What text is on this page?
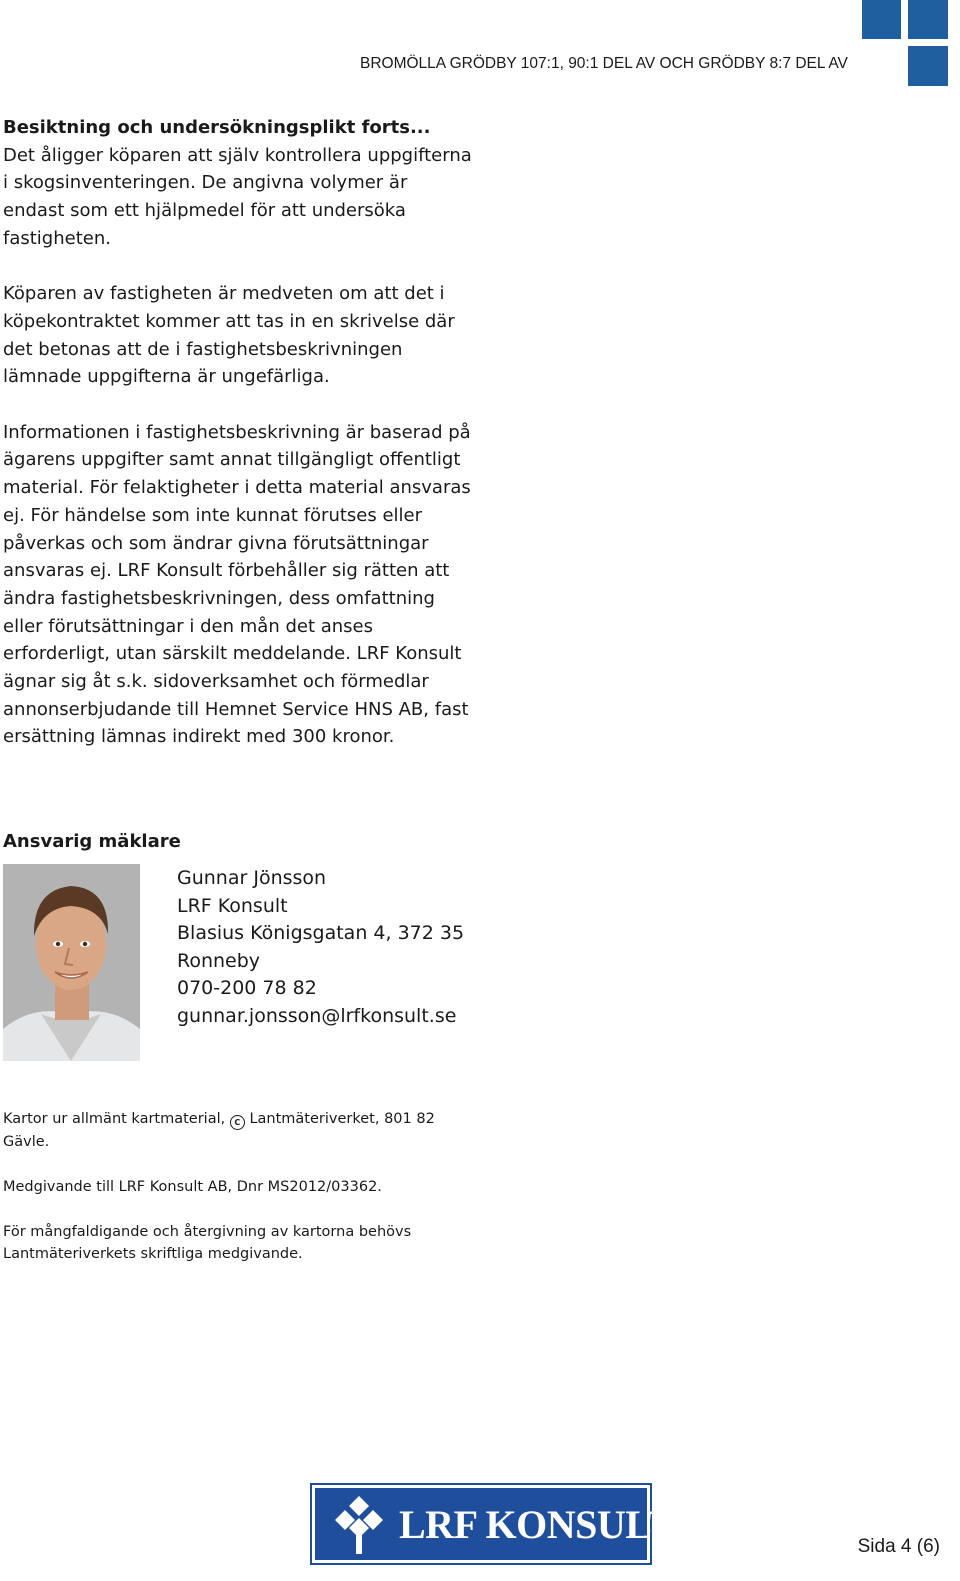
BROMÖLLA GRÖDBY 107:1, 90:1 DEL AV OCH GRÖDBY 8:7 DEL AV

Besiktning och undersökningsplikt forts...
Det åligger köparen att själv kontrollera uppgifterna i skogsinventeringen. De angivna volymer är endast som ett hjälpmedel för att undersöka fastigheten.

Köparen av fastigheten är medveten om att det i köpekontraktet kommer att tas in en skrivelse där det betonas att de i fastighetsbeskrivningen lämnade uppgifterna är ungefärliga.

Informationen i fastighetsbeskrivning är baserad på ägarens uppgifter samt annat tillgängligt offentligt material. För felaktigheter i detta material ansvaras ej. För händelse som inte kunnat förutses eller påverkas och som ändrar givna förutsättningar ansvaras ej. LRF Konsult förbehåller sig rätten att ändra fastighetsbeskrivningen, dess omfattning eller förutsättningar i den mån det anses erforderligt, utan särskilt meddelande. LRF Konsult ägnar sig åt s.k. sidoverksamhet och förmedlar annonserbjudande till Hemnet Service HNS AB, fast ersättning lämnas indirekt med 300 kronor.

Ansvarig mäklare
Gunnar Jönsson
LRF Konsult
Blasius Königsgatan 4, 372 35
Ronneby
070-200 78 82
gunnar.jonsson@lrfkonsult.se

Kartor ur allmänt kartmaterial, C Lantmäteriverket, 801 82 Gävle.

Medgivande till LRF Konsult AB, Dnr MS2012/03362.

För mångfaldigande och återgivning av kartorna behövs Lantmäteriverkets skriftliga medgivande.

LRF KONSULT	Sida 4 (6)
